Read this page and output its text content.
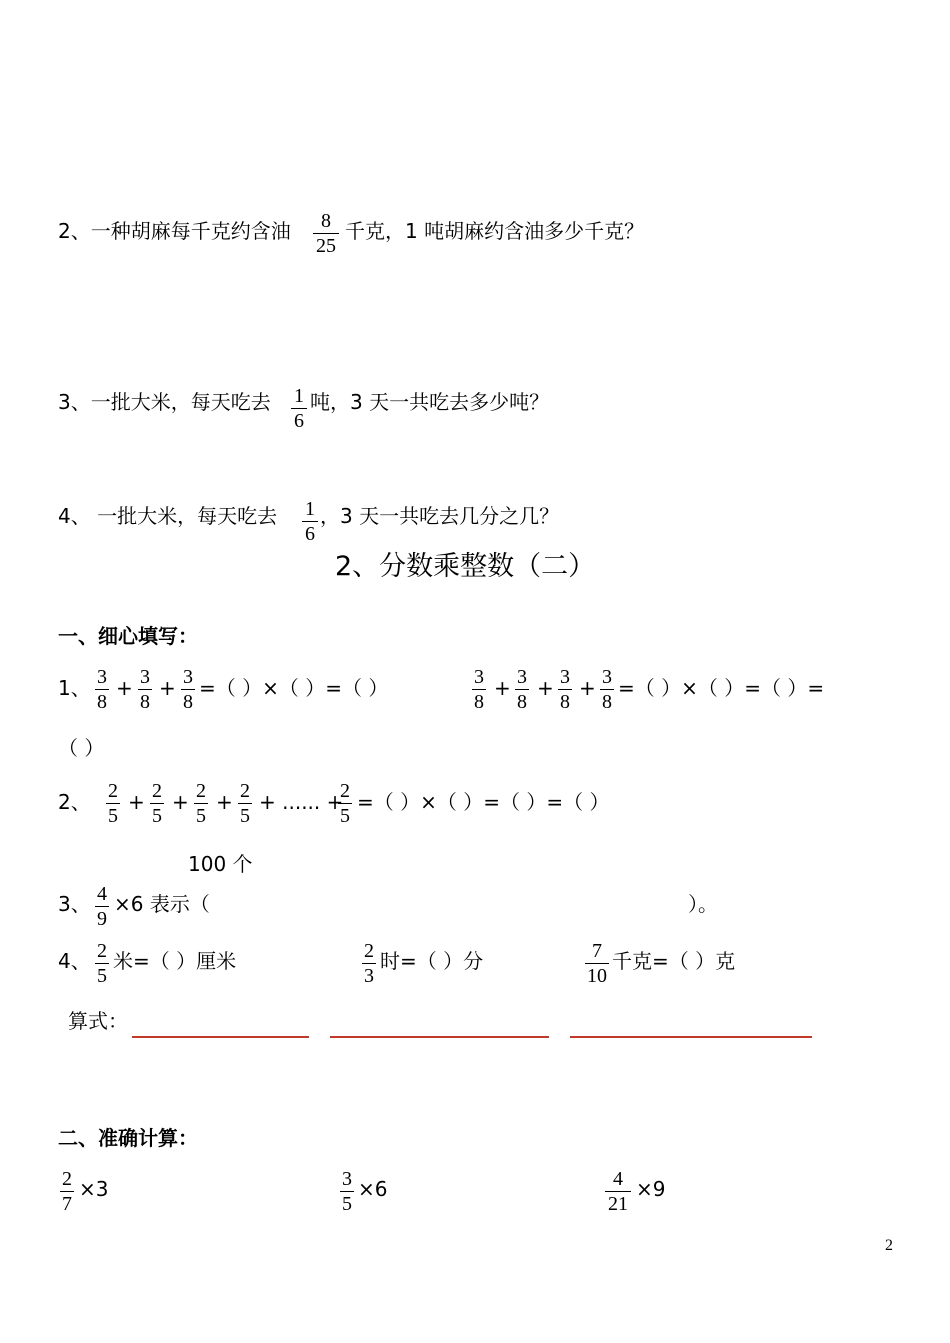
2、一种胡麻每千克约含油	8
25
千克，1 吨胡麻约含油多少千克？
3、一批大米，每天吃去 1
6
吨，3 天一共吃去多少吨？
4、 一批大米，每天吃去 1
6
，3 天一共吃去几分之几？
2、分数乘整数（二）
一、细心填写：
1、 3
8
+ 3
8
+ 3
8
=（ ）×（ ）=（ ）	3
8
+ 3
8
+ 3
8
+ 3
8
=（ ）×（ ）=（ ）=
（ ）
2、 2
5
+ 2
5
+ 2
5
+ 2
5
+ ...... +
2
5
=（ ）×（ ）=（ ）=（ ）
100 个
3、 4
9
×6 表示（	）。
4、 2
5
米=（ ）厘米	2
3
时=（ ）分	7
10
千克=（ ）克
算式：
二、准确计算：
2
7
×3	3
5
×6	4
21
×9
2
